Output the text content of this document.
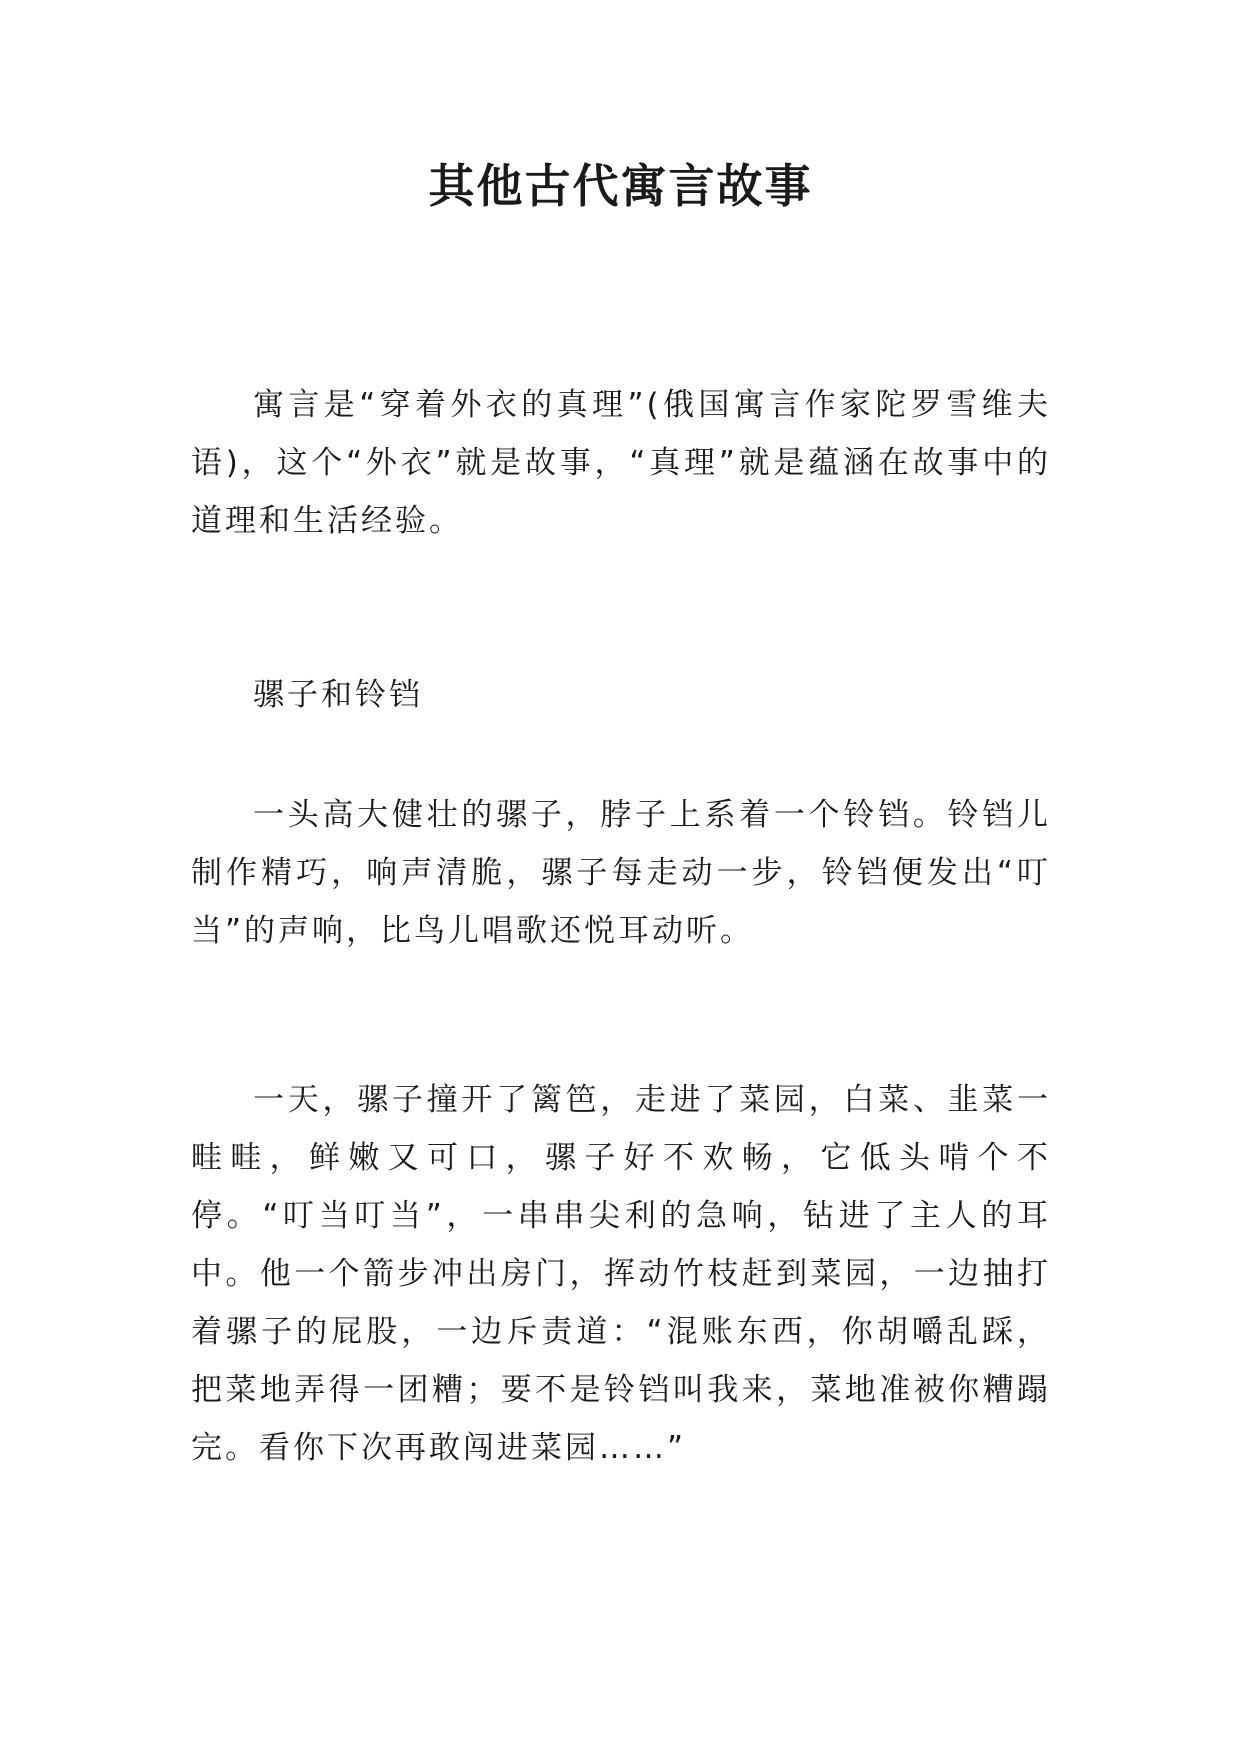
其他古代寓言故事

寓言是“穿着外衣的真理”(俄国寓言作家陀罗雪维夫语)，这个“外衣”就是故事，“真理”就是蕴涵在故事中的道理和生活经验。

骡子和铃铛

一头高大健壮的骡子，脖子上系着一个铃铛。铃铛儿制作精巧，响声清脆，骡子每走动一步，铃铛便发出“叮当”的声响，比鸟儿唱歌还悦耳动听。

一天，骡子撞开了篱笆，走进了菜园，白菜、韭菜一畦畦，鲜嫩又可口，骡子好不欢畅，它低头啃个不停。“叮当叮当”，一串串尖利的急响，钻进了主人的耳中。他一个箭步冲出房门，挥动竹枝赶到菜园，一边抽打着骡子的屁股，一边斥责道：“混账东西，你胡嚼乱踩，把菜地弄得一团糟；要不是铃铛叫我来，菜地准被你糟蹋完。看你下次再敢闯进菜园……”
